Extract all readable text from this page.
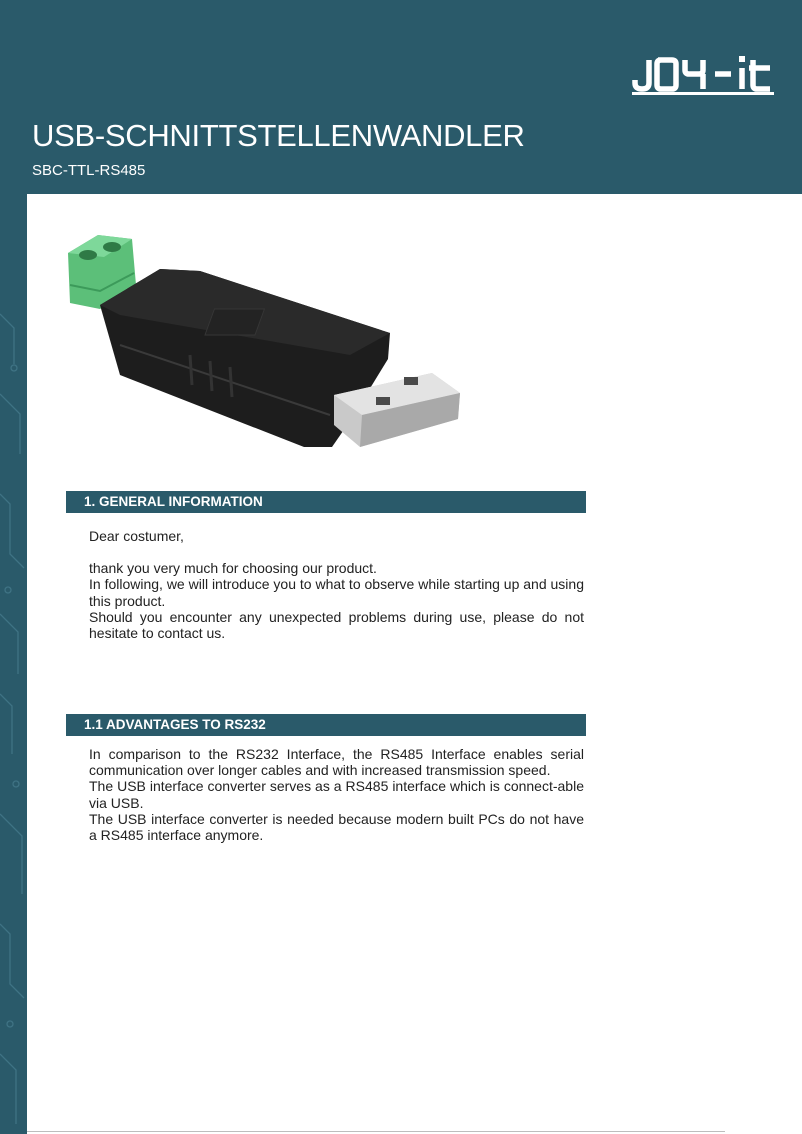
USB-SCHNITTSTELLENWANDLER

SBC-TTL-RS485

1. GENERAL INFORMATION

Dear costumer,

thank you very much for choosing our product.

In following, we will introduce you to what to observe while starting up and using this product.

Should you encounter any unexpected problems during use, please do not hesitate to contact us.

1.1 ADVANTAGES TO RS232

In comparison to the RS232 Interface, the RS485 Interface enables serial communication over longer cables and with increased transmission speed.

The USB interface converter serves as a RS485 interface which is connect-able via USB.

The USB interface converter is needed because modern built PCs do not have a RS485 interface anymore.
